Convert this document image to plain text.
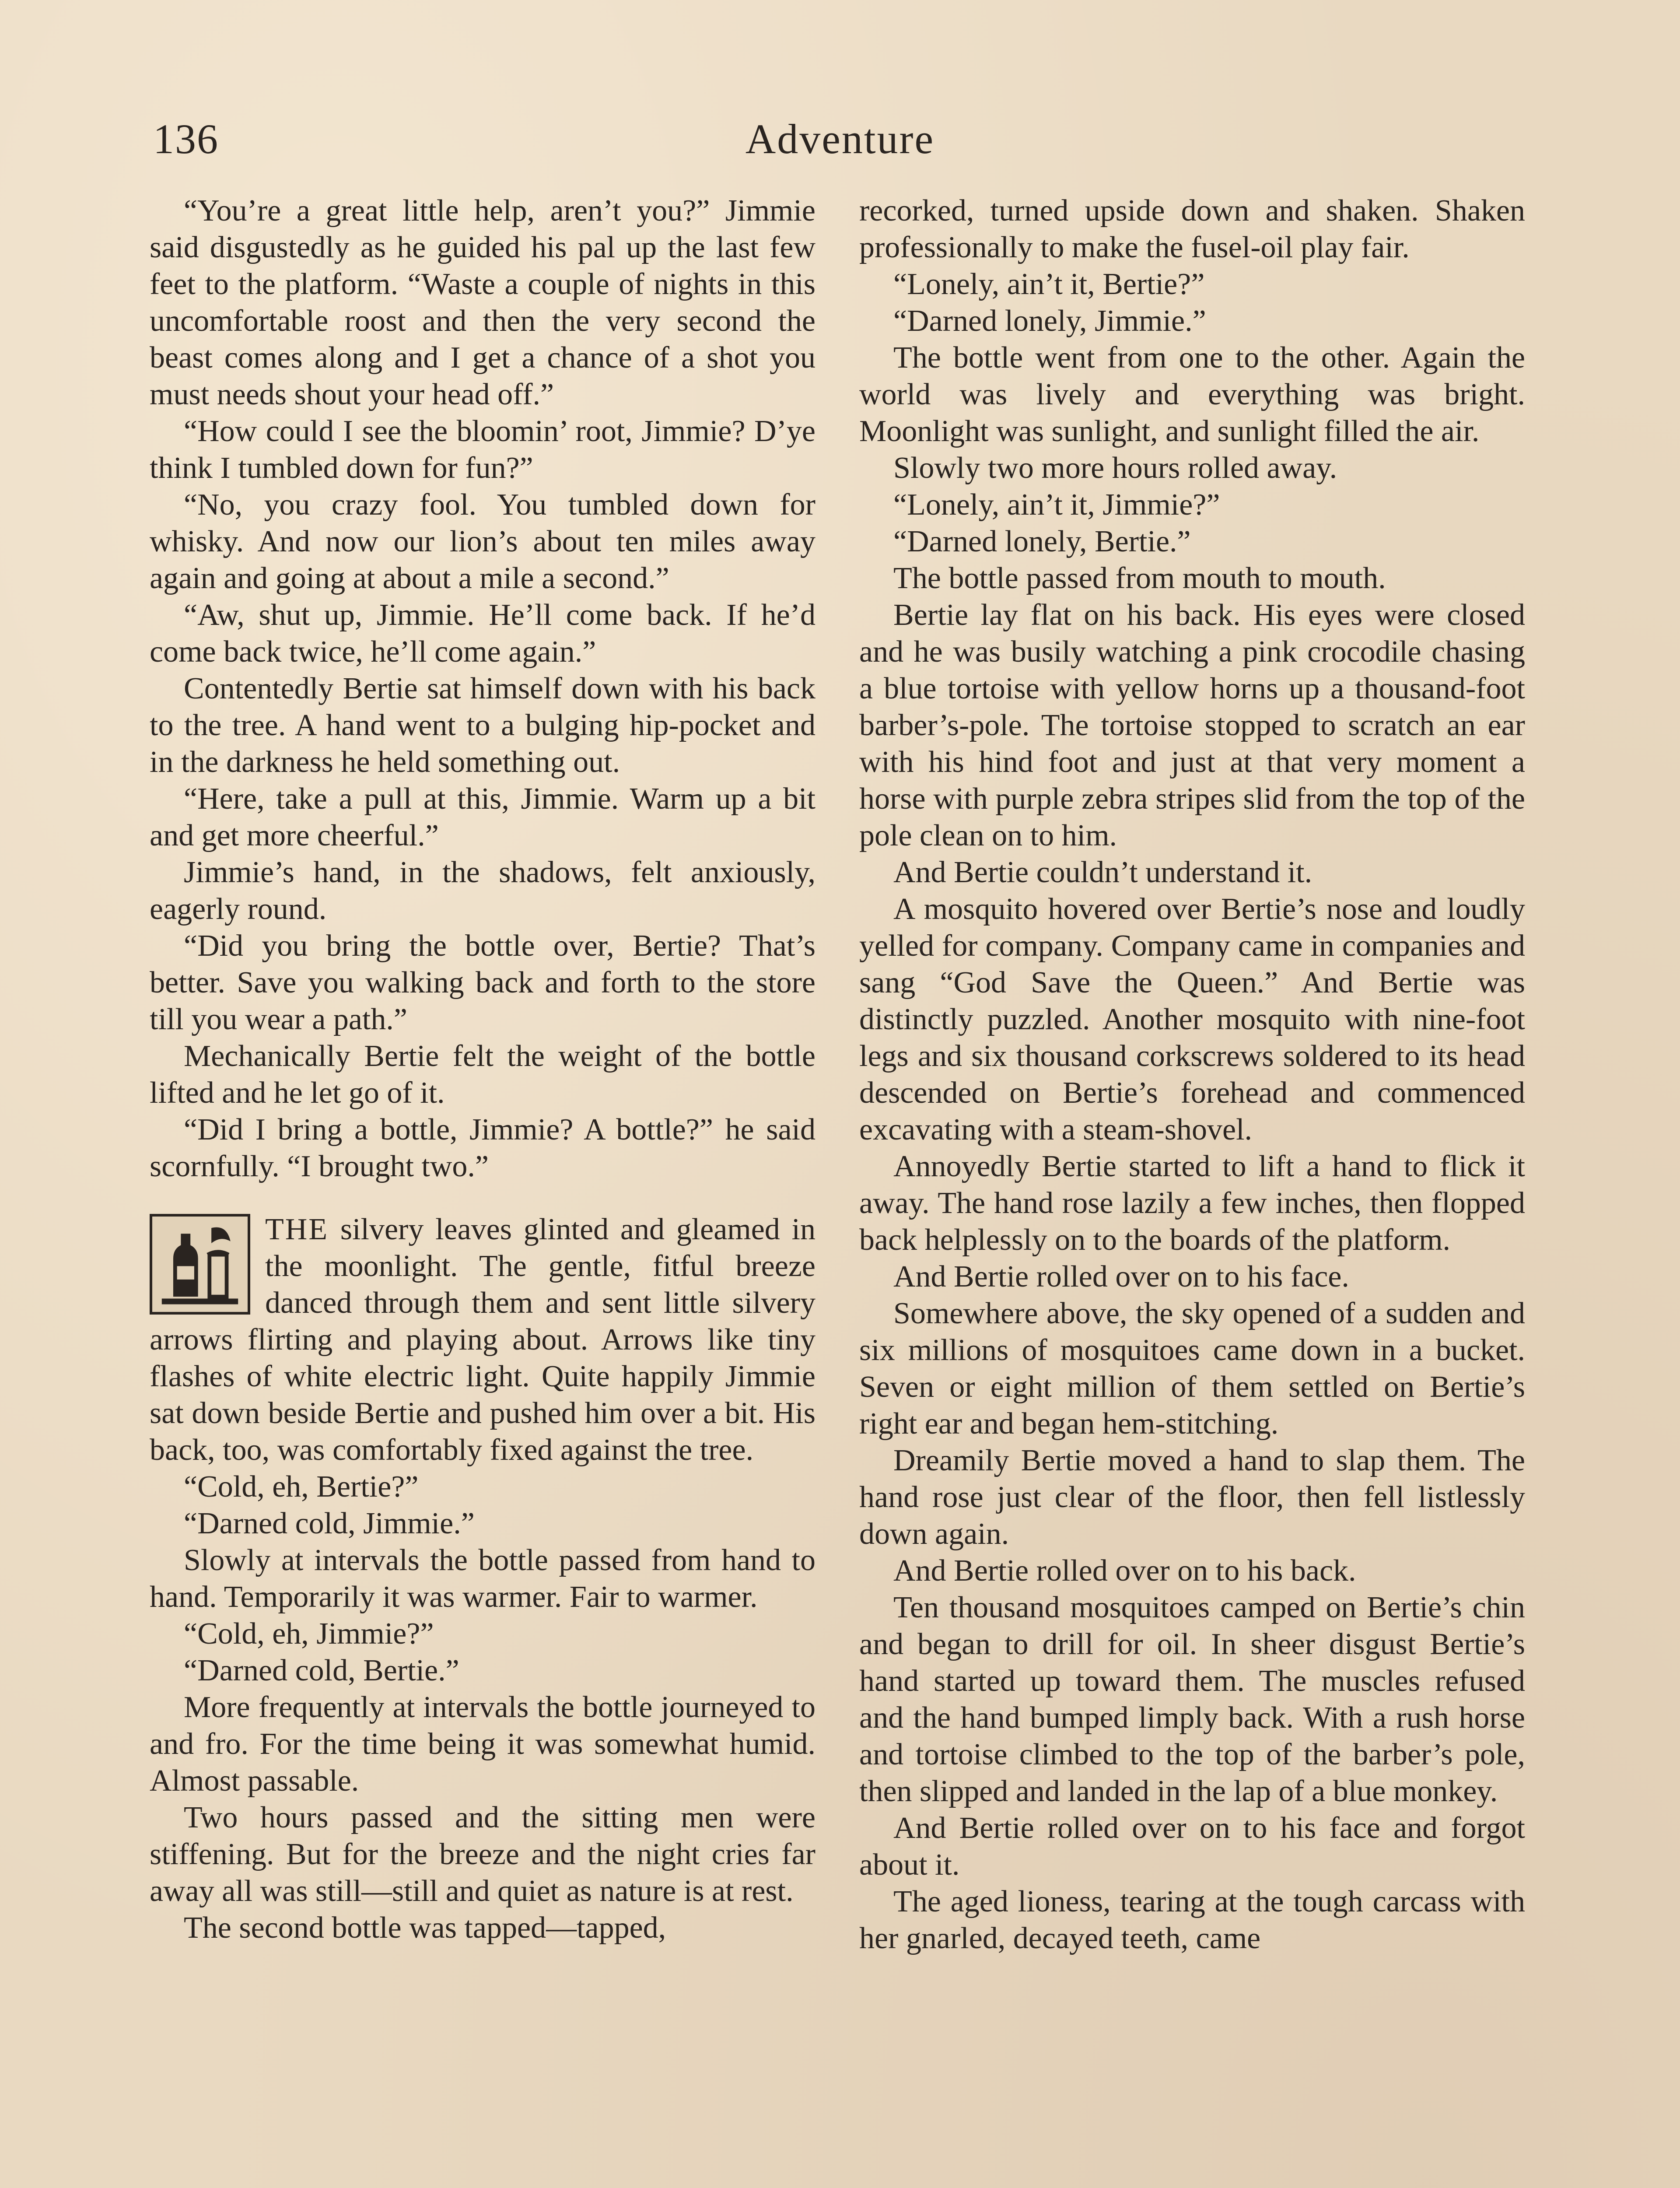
136	Adventure

“You’re a great little help, aren’t you?” Jimmie said disgustedly as he guided his pal up the last few feet to the platform. “Waste a couple of nights in this uncomfortable roost and then the very second the beast comes along and I get a chance of a shot you must needs shout your head off.”

“How could I see the bloomin’ root, Jimmie? D’ye think I tumbled down for fun?”

“No, you crazy fool. You tumbled down for whisky. And now our lion’s about ten miles away again and going at about a mile a second.”

“Aw, shut up, Jimmie. He’ll come back. If he’d come back twice, he’ll come again.”

Contentedly Bertie sat himself down with his back to the tree. A hand went to a bulging hip-pocket and in the darkness he held something out.

“Here, take a pull at this, Jimmie. Warm up a bit and get more cheerful.”

Jimmie’s hand, in the shadows, felt anxiously, eagerly round.

“Did you bring the bottle over, Bertie? That’s better. Save you walking back and forth to the store till you wear a path.”

Mechanically Bertie felt the weight of the bottle lifted and he let go of it.

“Did I bring a bottle, Jimmie? A bottle?” he said scornfully. “I brought two.”

THE silvery leaves glinted and gleamed in the moonlight. The gentle, fitful breeze danced through them and sent little silvery arrows flirting and playing about. Arrows like tiny flashes of white electric light. Quite happily Jimmie sat down beside Bertie and pushed him over a bit. His back, too, was comfortably fixed against the tree.

“Cold, eh, Bertie?”

“Darned cold, Jimmie.”

Slowly at intervals the bottle passed from hand to hand. Temporarily it was warmer. Fair to warmer.

“Cold, eh, Jimmie?”

“Darned cold, Bertie.”

More frequently at intervals the bottle journeyed to and fro. For the time being it was somewhat humid. Almost passable.

Two hours passed and the sitting men were stiffening. But for the breeze and the night cries far away all was still—still and quiet as nature is at rest.

The second bottle was tapped—tapped,

recorked, turned upside down and shaken. Shaken professionally to make the fusel-oil play fair.

“Lonely, ain’t it, Bertie?”

“Darned lonely, Jimmie.”

The bottle went from one to the other. Again the world was lively and everything was bright. Moonlight was sunlight, and sunlight filled the air.

Slowly two more hours rolled away.

“Lonely, ain’t it, Jimmie?”

“Darned lonely, Bertie.”

The bottle passed from mouth to mouth.

Bertie lay flat on his back. His eyes were closed and he was busily watching a pink crocodile chasing a blue tortoise with yellow horns up a thousand-foot barber’s-pole. The tortoise stopped to scratch an ear with his hind foot and just at that very moment a horse with purple zebra stripes slid from the top of the pole clean on to him.

And Bertie couldn’t understand it.

A mosquito hovered over Bertie’s nose and loudly yelled for company. Company came in companies and sang “God Save the Queen.” And Bertie was distinctly puzzled. Another mosquito with nine-foot legs and six thousand corkscrews soldered to its head descended on Bertie’s forehead and commenced excavating with a steam-shovel.

Annoyedly Bertie started to lift a hand to flick it away. The hand rose lazily a few inches, then flopped back helplessly on to the boards of the platform.

And Bertie rolled over on to his face.

Somewhere above, the sky opened of a sudden and six millions of mosquitoes came down in a bucket. Seven or eight million of them settled on Bertie’s right ear and began hem-stitching.

Dreamily Bertie moved a hand to slap them. The hand rose just clear of the floor, then fell listlessly down again.

And Bertie rolled over on to his back.

Ten thousand mosquitoes camped on Bertie’s chin and began to drill for oil. In sheer disgust Bertie’s hand started up toward them. The muscles refused and the hand bumped limply back. With a rush horse and tortoise climbed to the top of the barber’s pole, then slipped and landed in the lap of a blue monkey.

And Bertie rolled over on to his face and forgot about it.

The aged lioness, tearing at the tough carcass with her gnarled, decayed teeth, came
